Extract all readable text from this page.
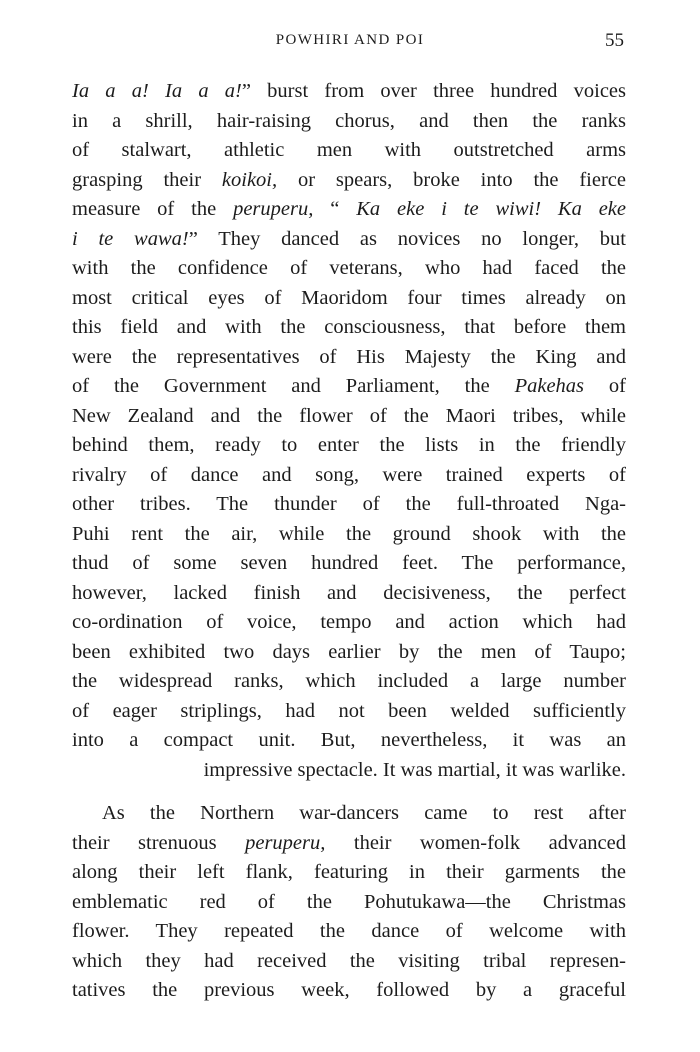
POWHIRI AND POI	55
Ia a a! Ia a a!” burst from over three hundred voices
in a shrill, hair-raising chorus, and then the ranks
of stalwart, athletic men with outstretched arms
grasping their koikoi, or spears, broke into the fierce
measure of the peruperu, “ Ka eke i te wiwi! Ka eke
i te wawa!” They danced as novices no longer, but
with the confidence of veterans, who had faced the
most critical eyes of Maoridom four times already on
this field and with the consciousness, that before them
were the representatives of His Majesty the King and
of the Government and Parliament, the Pakehas of
New Zealand and the flower of the Maori tribes, while
behind them, ready to enter the lists in the friendly
rivalry of dance and song, were trained experts of
other tribes. The thunder of the full-throated Nga-
Puhi rent the air, while the ground shook with the
thud of some seven hundred feet. The performance,
however, lacked finish and decisiveness, the perfect
co-ordination of voice, tempo and action which had
been exhibited two days earlier by the men of Taupo;
the widespread ranks, which included a large number
of eager striplings, had not been welded sufficiently
into a compact unit. But, nevertheless, it was an
impressive spectacle. It was martial, it was warlike.
As the Northern war-dancers came to rest after
their strenuous peruperu, their women-folk advanced
along their left flank, featuring in their garments the
emblematic red of the Pohutukawa—the Christmas
flower. They repeated the dance of welcome with
which they had received the visiting tribal represen-
tatives the previous week, followed by a graceful
